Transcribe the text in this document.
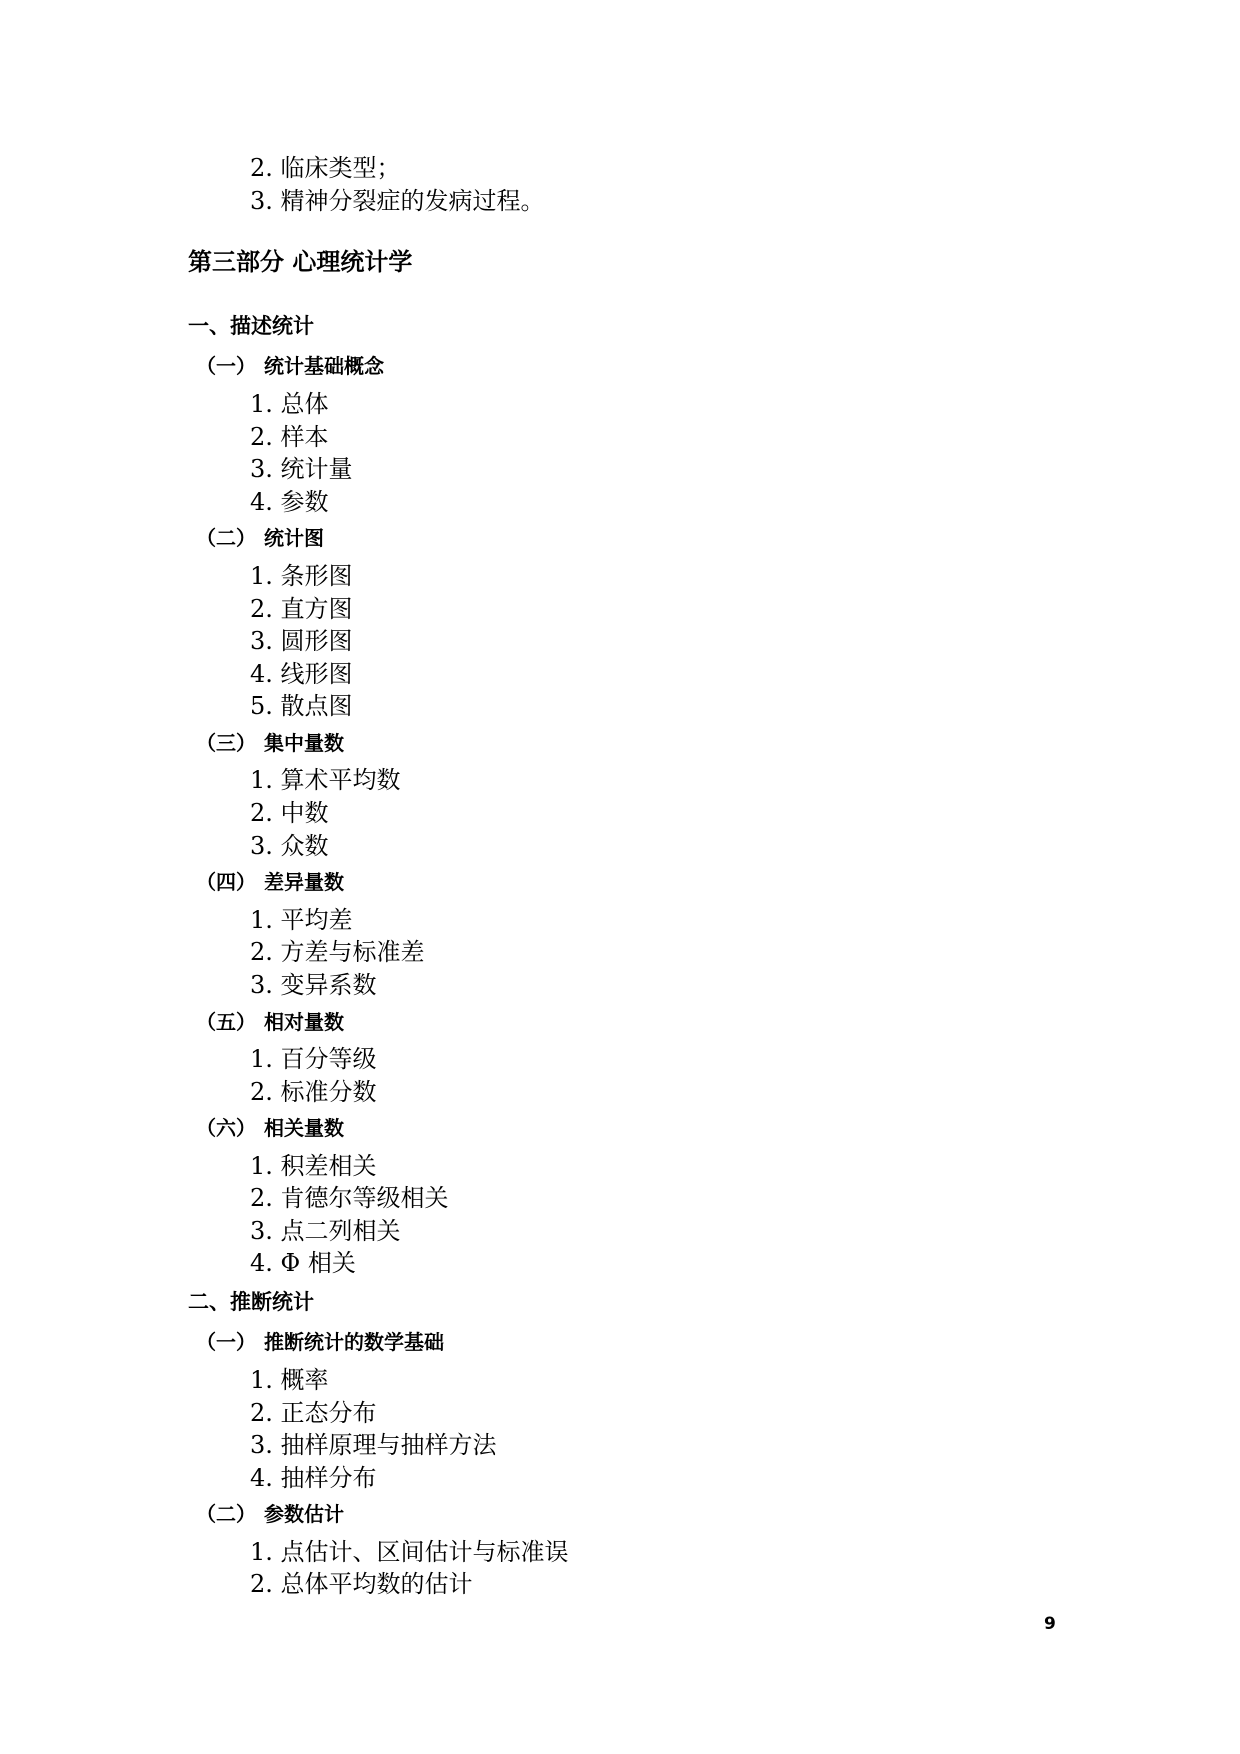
2. 临床类型；
3. 精神分裂症的发病过程。
第三部分 心理统计学
一、描述统计
（一） 统计基础概念
1. 总体
2. 样本
3. 统计量
4. 参数
（二） 统计图
1. 条形图
2. 直方图
3. 圆形图
4. 线形图
5. 散点图
（三） 集中量数
1. 算术平均数
2. 中数
3. 众数
（四） 差异量数
1. 平均差
2. 方差与标准差
3. 变异系数
（五） 相对量数
1. 百分等级
2. 标准分数
（六） 相关量数
1. 积差相关
2. 肯德尔等级相关
3. 点二列相关
4. Φ 相关
二、推断统计
（一） 推断统计的数学基础
1. 概率
2. 正态分布
3. 抽样原理与抽样方法
4. 抽样分布
（二） 参数估计
1. 点估计、区间估计与标准误
2. 总体平均数的估计
9
